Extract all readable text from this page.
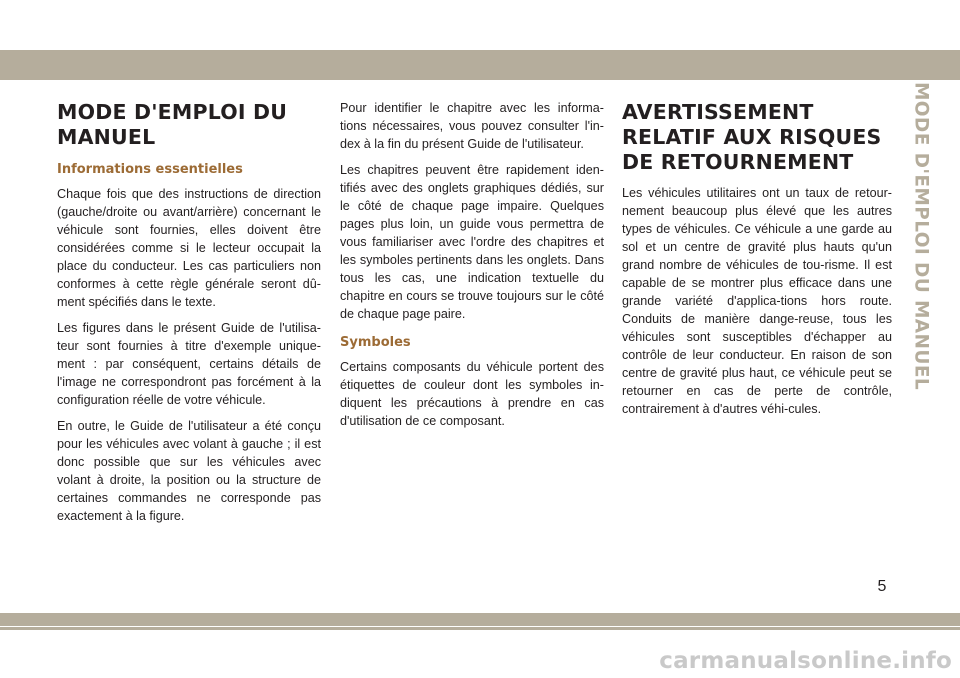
MODE D'EMPLOI DU MANUEL
Informations essentielles

Chaque fois que des instructions de direction (gauche/droite ou avant/arrière) concernant le véhicule sont fournies, elles doivent être considérées comme si le lecteur occupait la place du conducteur. Les cas particuliers non conformes à cette règle générale seront dû-ment spécifiés dans le texte.

Les figures dans le présent Guide de l'utilisa-teur sont fournies à titre d'exemple unique-ment : par conséquent, certains détails de l'image ne correspondront pas forcément à la configuration réelle de votre véhicule.

En outre, le Guide de l'utilisateur a été conçu pour les véhicules avec volant à gauche ; il est donc possible que sur les véhicules avec volant à droite, la position ou la structure de certaines commandes ne corresponde pas exactement à la figure.

Pour identifier le chapitre avec les informa-tions nécessaires, vous pouvez consulter l'in-dex à la fin du présent Guide de l'utilisateur.

Les chapitres peuvent être rapidement iden-tifiés avec des onglets graphiques dédiés, sur le côté de chaque page impaire. Quelques pages plus loin, un guide vous permettra de vous familiariser avec l'ordre des chapitres et les symboles pertinents dans les onglets. Dans tous les cas, une indication textuelle du chapitre en cours se trouve toujours sur le côté de chaque page paire.

Symboles

Certains composants du véhicule portent des étiquettes de couleur dont les symboles in-diquent les précautions à prendre en cas d'utilisation de ce composant.

AVERTISSEMENT RELATIF AUX RISQUES DE RETOURNEMENT

Les véhicules utilitaires ont un taux de retour-nement beaucoup plus élevé que les autres types de véhicules. Ce véhicule a une garde au sol et un centre de gravité plus hauts qu'un grand nombre de véhicules de tou-risme. Il est capable de se montrer plus efficace dans une grande variété d'applica-tions hors route. Conduits de manière dange-reuse, tous les véhicules sont susceptibles d'échapper au contrôle de leur conducteur. En raison de son centre de gravité plus haut, ce véhicule peut se retourner en cas de perte de contrôle, contrairement à d'autres véhi-cules.

MODE D'EMPLOI DU MANUEL
5
carmanualsonline.info
